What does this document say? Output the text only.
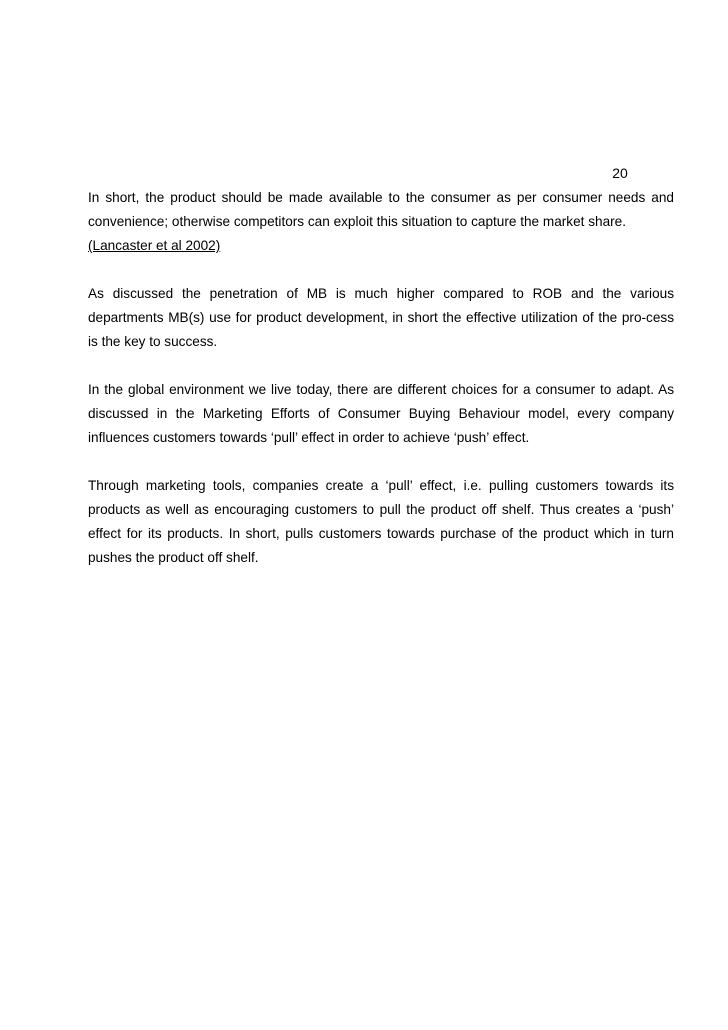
20

In short, the product should be made available to the consumer as per consumer needs and convenience; otherwise competitors can exploit this situation to capture the market share.
(Lancaster et al 2002)

As discussed the penetration of MB is much higher compared to ROB and the various departments MB(s) use for product development, in short the effective utilization of the pro-cess is the key to success.

In the global environment we live today, there are different choices for a consumer to adapt. As discussed in the Marketing Efforts of Consumer Buying Behaviour model, every company influences customers towards ‘pull’ effect in order to achieve ‘push’ effect.

Through marketing tools, companies create a ‘pull’ effect, i.e. pulling customers towards its products as well as encouraging customers to pull the product off shelf. Thus creates a ‘push’ effect for its products. In short, pulls customers towards purchase of the product which in turn pushes the product off shelf.
